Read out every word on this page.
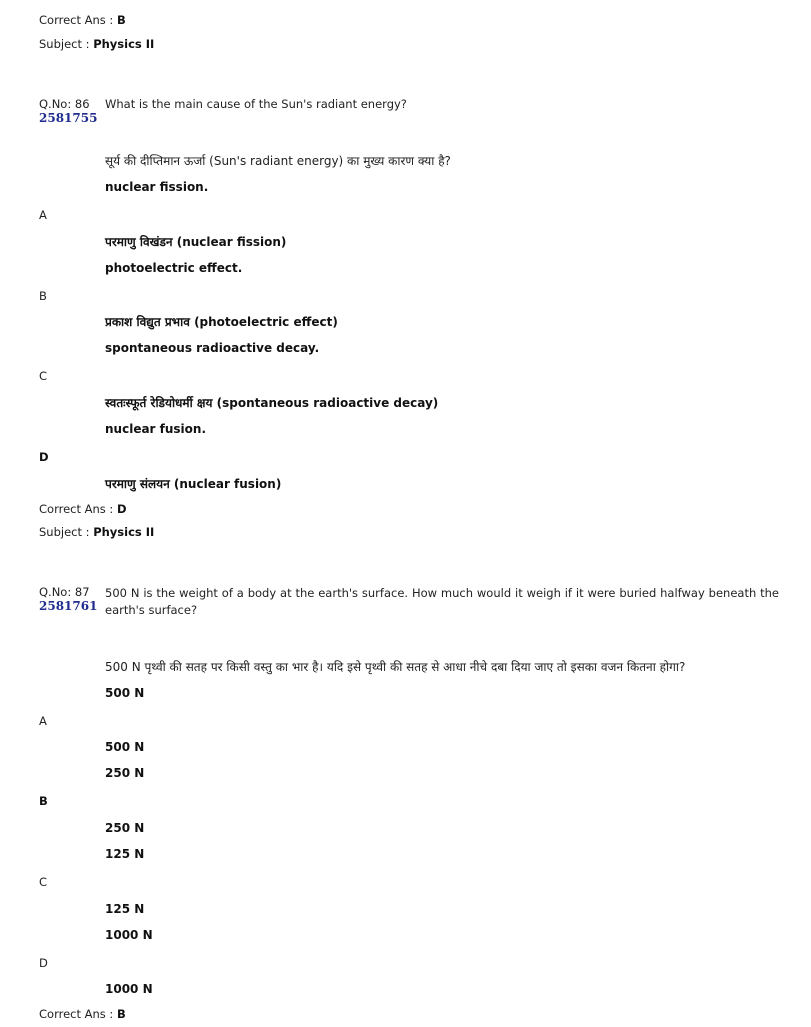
Correct Ans : B
Subject : Physics II
Q.No: 86
2581755
What is the main cause of the Sun's radiant energy?
सूर्य की दीप्तिमान ऊर्जा (Sun's radiant energy) का मुख्य कारण क्या है?
nuclear fission.
A
परमाणु विखंडन (nuclear fission)
photoelectric effect.
B
प्रकाश विद्युत प्रभाव (photoelectric effect)
spontaneous radioactive decay.
C
स्वतःस्फूर्त रेडियोधर्मी क्षय (spontaneous radioactive decay)
nuclear fusion.
D
परमाणु संलयन (nuclear fusion)
Correct Ans : D
Subject : Physics II
Q.No: 87
2581761
500 N is the weight of a body at the earth's surface. How much would it weigh if it were buried halfway beneath the earth's surface?
500 N पृथ्वी की सतह पर किसी वस्तु का भार है। यदि इसे पृथ्वी की सतह से आधा नीचे दबा दिया जाए तो इसका वजन कितना होगा?
500 N
A
500 N
250 N
B
250 N
125 N
C
125 N
1000 N
D
1000 N
Correct Ans : B
